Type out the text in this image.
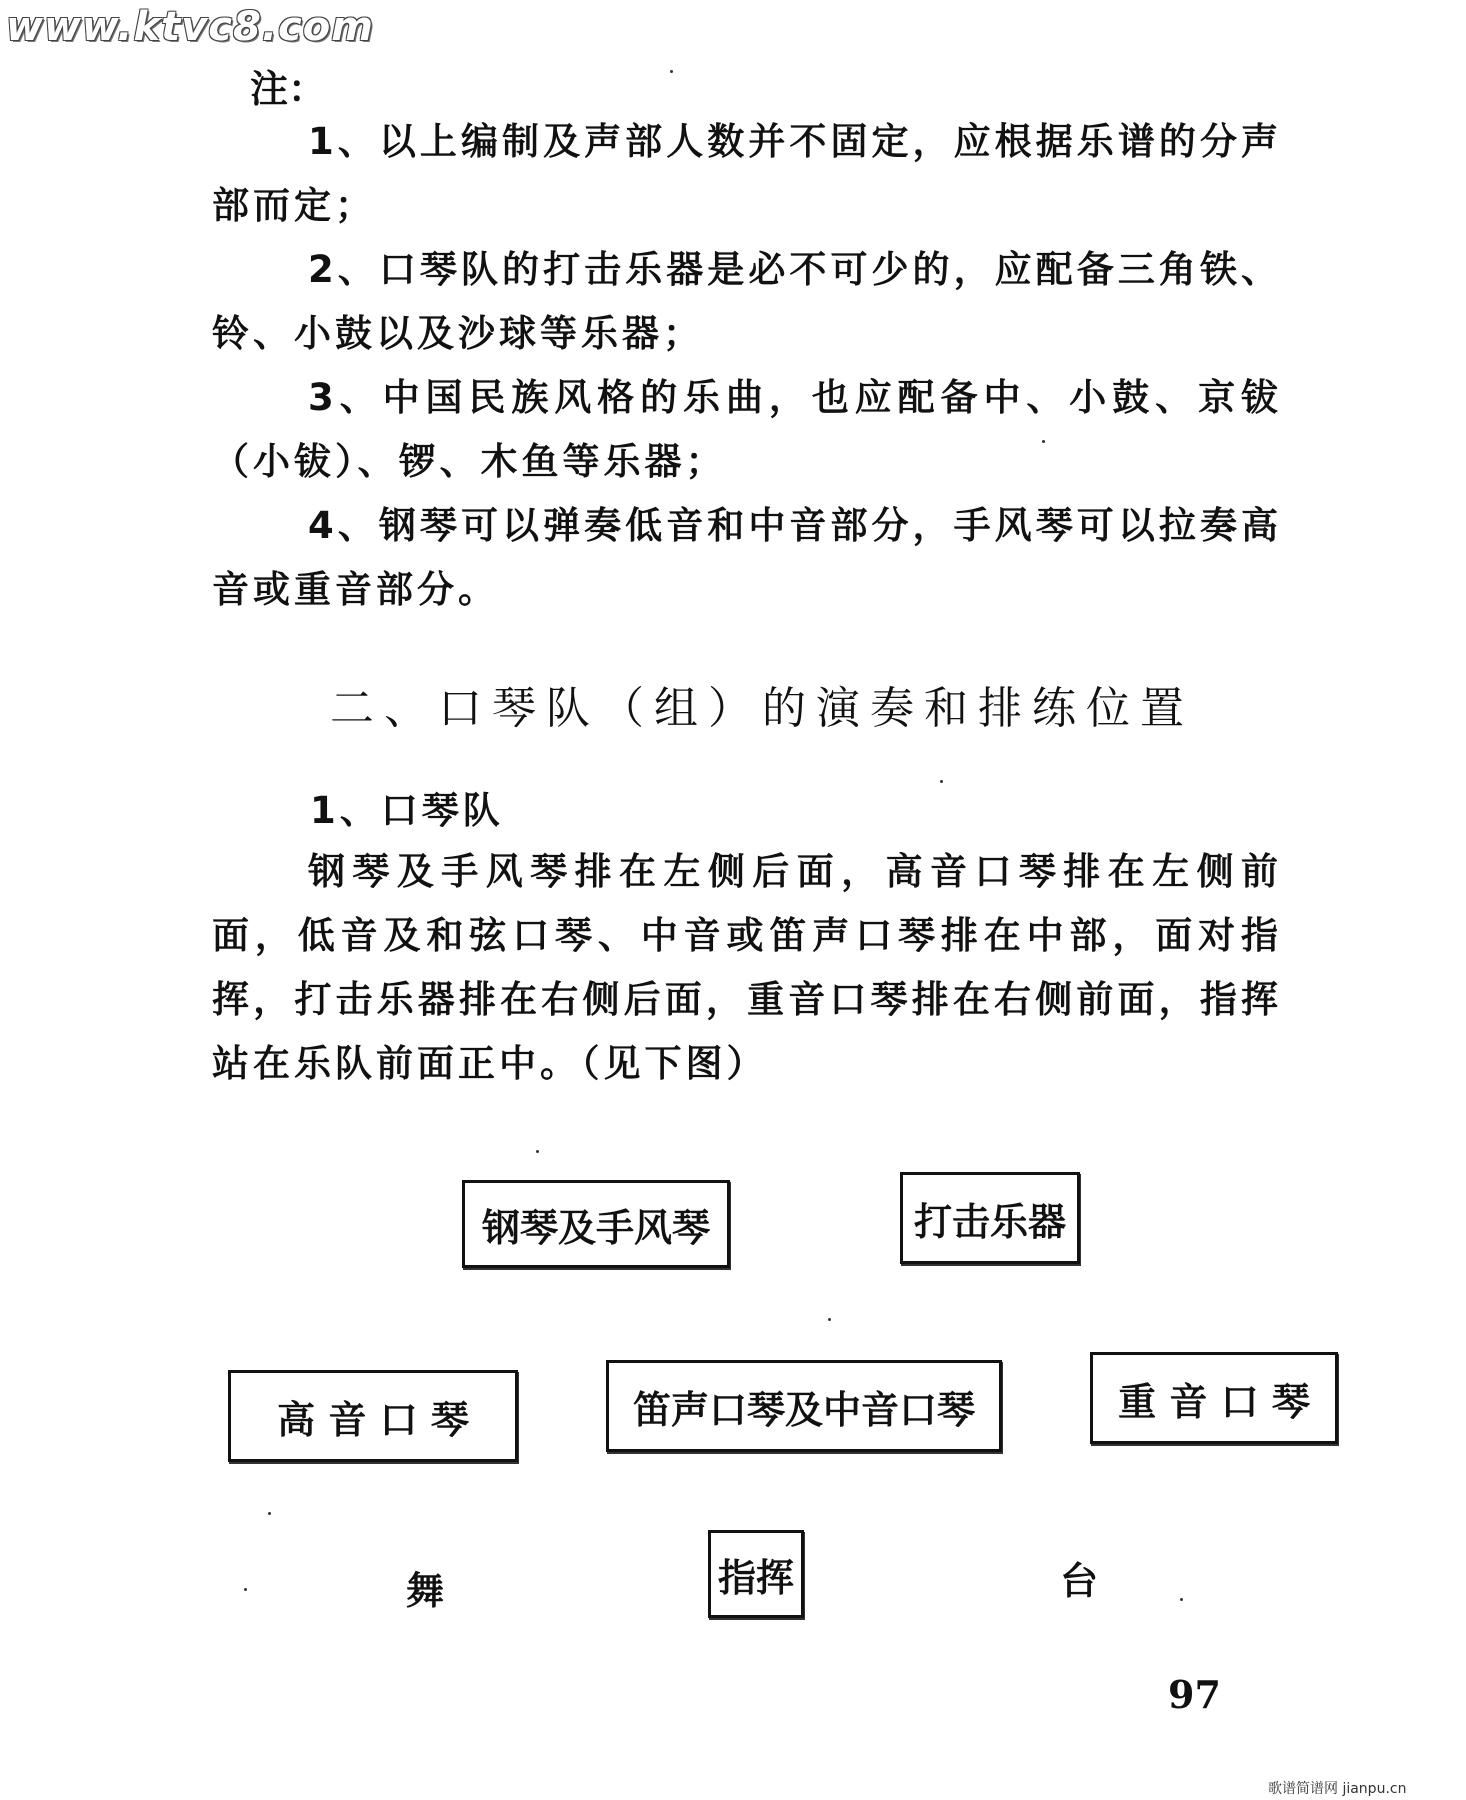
www.ktvc8.com
注：
1、以上编制及声部人数并不固定，应根据乐谱的分声部而定；
2、口琴队的打击乐器是必不可少的，应配备三角铁、铃、小鼓以及沙球等乐器；
3、中国民族风格的乐曲，也应配备中、小鼓、京钹（小钹）、锣、木鱼等乐器；
4、钢琴可以弹奏低音和中音部分，手风琴可以拉奏高音或重音部分。
二、口琴队（组）的演奏和排练位置
1、口琴队
钢琴及手风琴排在左侧后面，高音口琴排在左侧前面，低音及和弦口琴、中音或笛声口琴排在中部，面对指挥，打击乐器排在右侧后面，重音口琴排在右侧前面，指挥站在乐队前面正中。（见下图）
钢琴及手风琴	打击乐器
高 音 口 琴	笛声口琴及中音口琴	重 音 口 琴
指挥
舞	台
97
歌谱简谱网 jianpu.cn
